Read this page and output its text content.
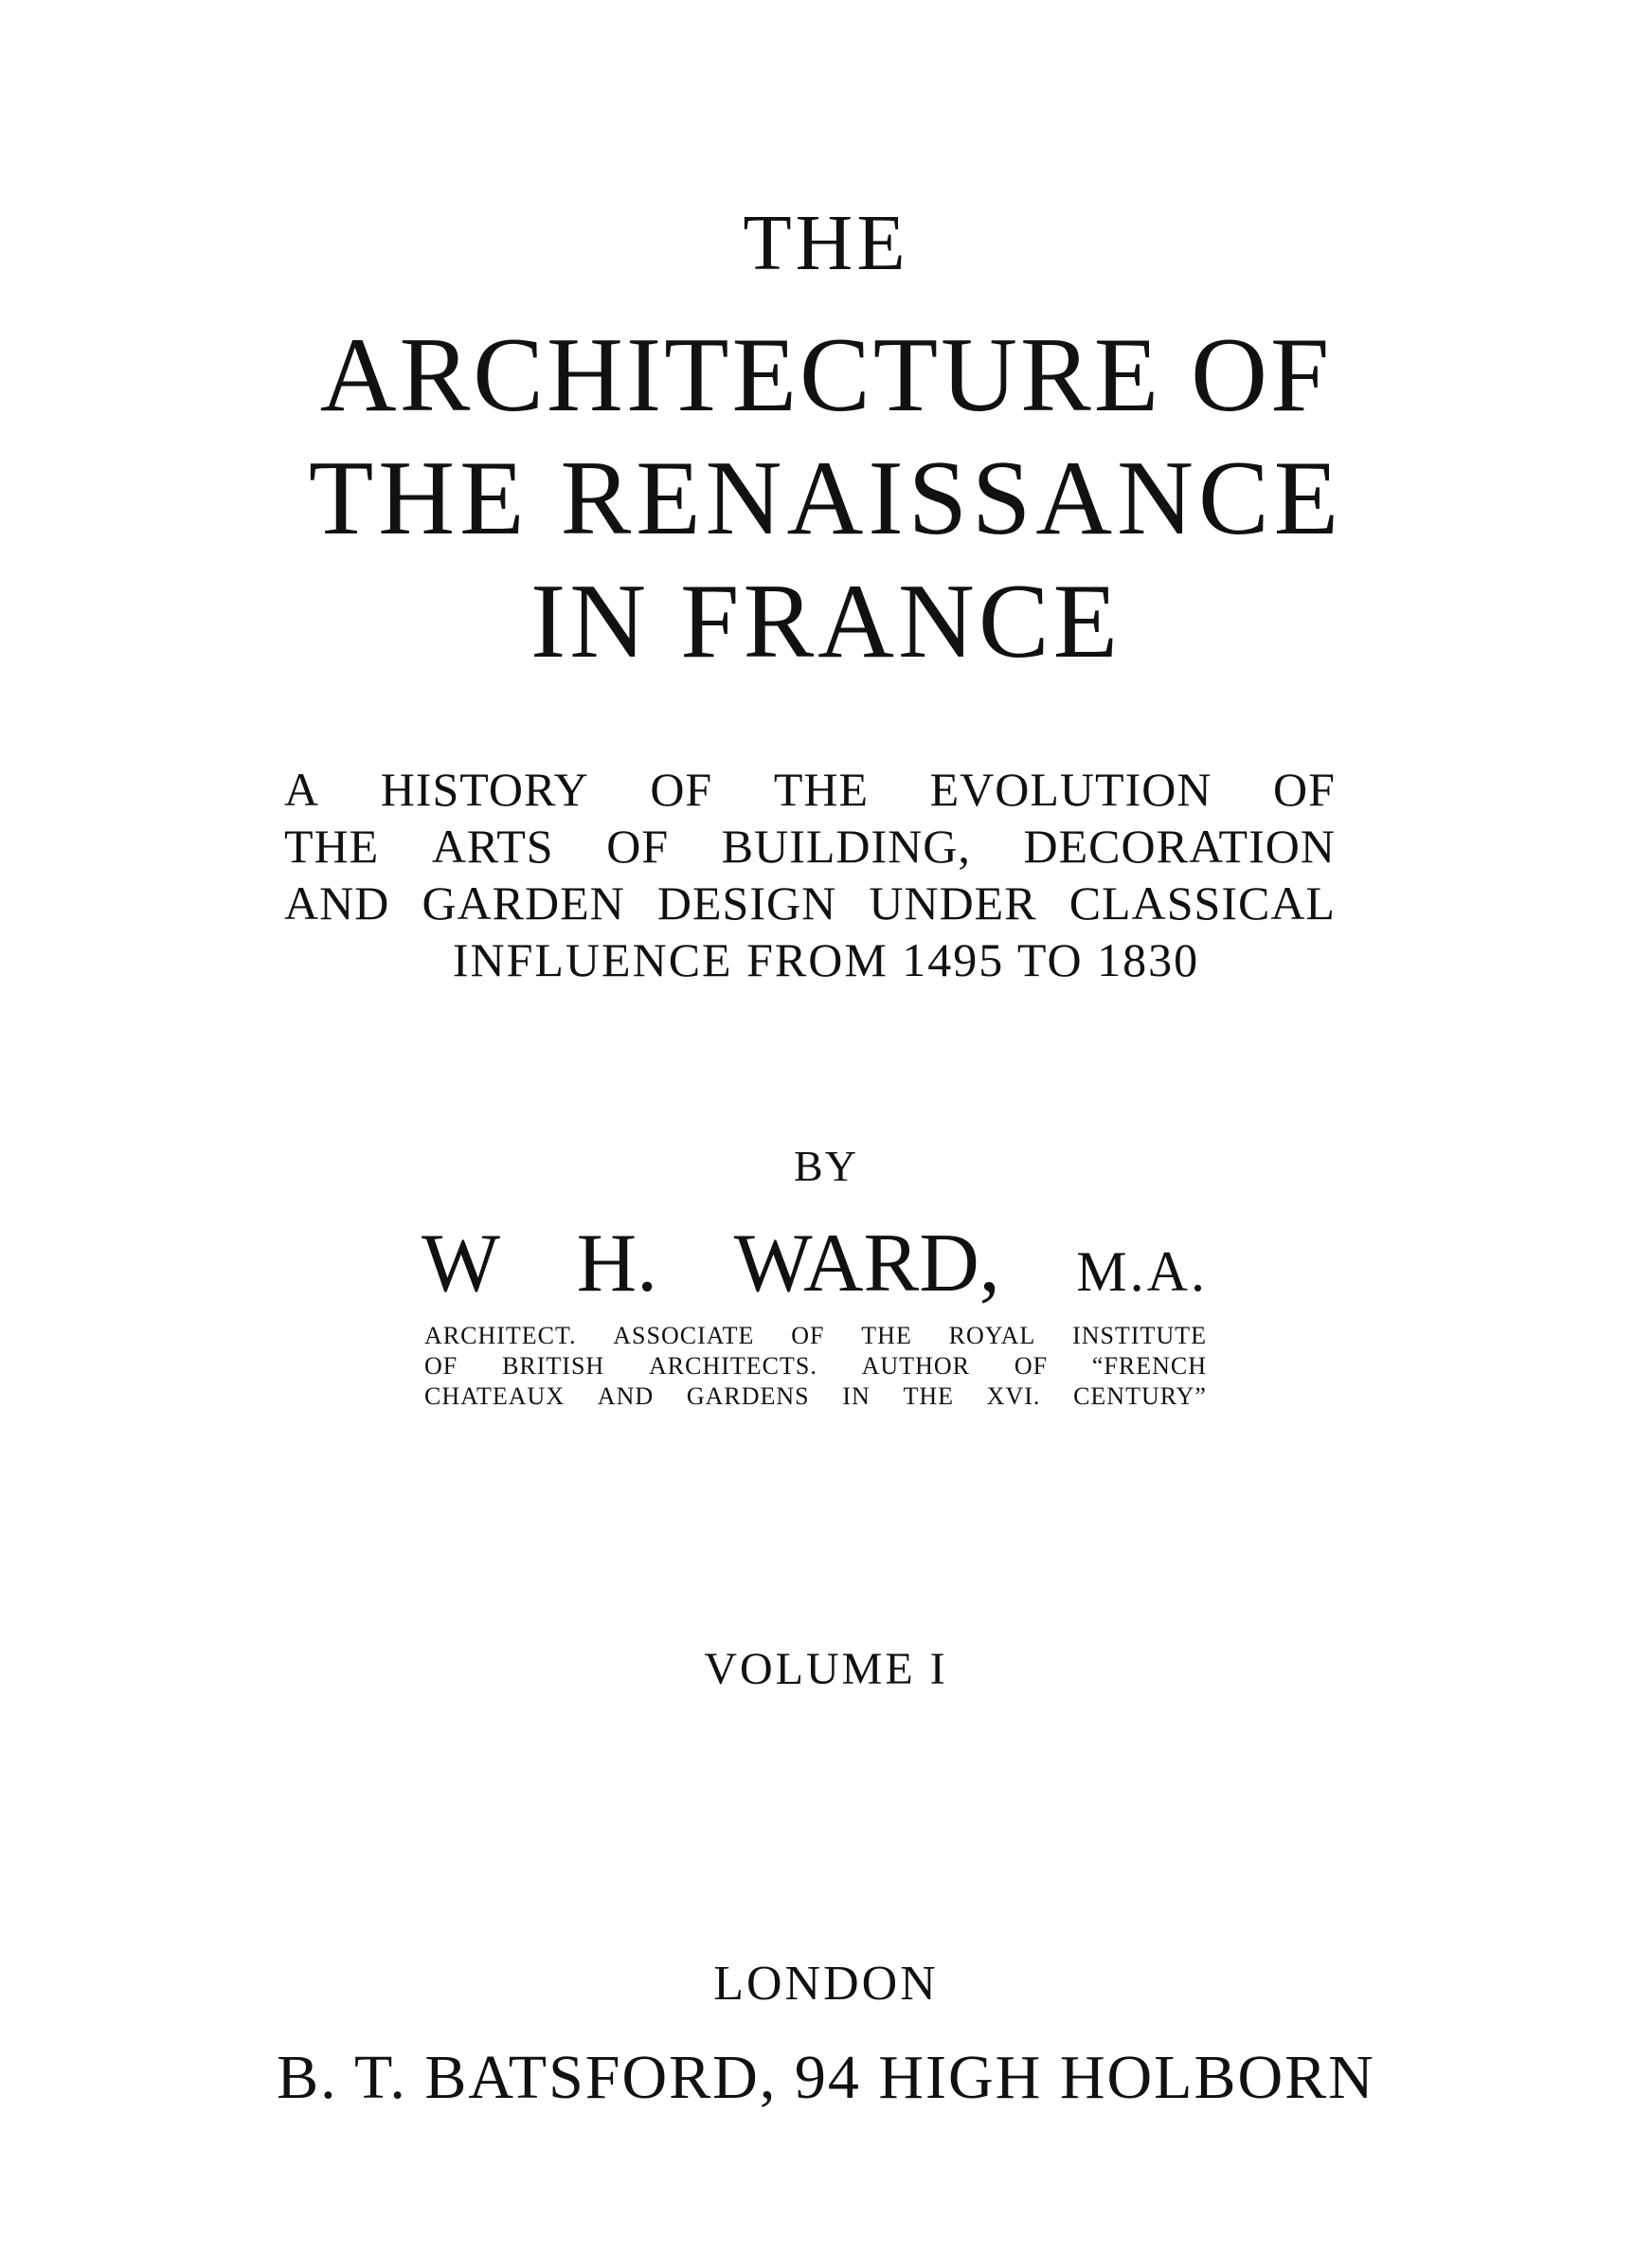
THE
ARCHITECTURE OF
THE RENAISSANCE
IN FRANCE
A HISTORY OF THE EVOLUTION OF
THE ARTS OF BUILDING, DECORATION
AND GARDEN DESIGN UNDER CLASSICAL
INFLUENCE FROM 1495 TO 1830
BY
W H. WARD, M.A.
ARCHITECT. ASSOCIATE OF THE ROYAL INSTITUTE
OF BRITISH ARCHITECTS. AUTHOR OF “FRENCH
CHATEAUX AND GARDENS IN THE XVI. CENTURY”
VOLUME I
LONDON
B. T. BATSFORD, 94 HIGH HOLBORN
